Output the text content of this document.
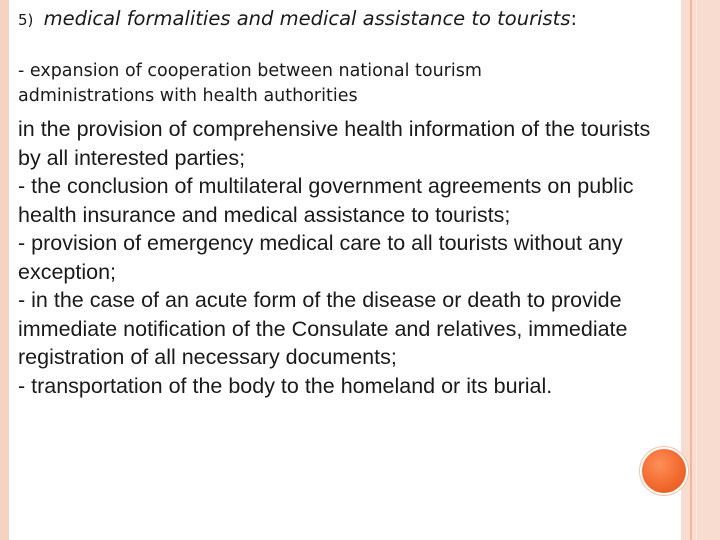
5) medical formalities and medical assistance to tourists:

- expansion of cooperation between national tourism administrations with health authorities

in the provision of comprehensive health information of the tourists by all interested parties;
- the conclusion of multilateral government agreements on public health insurance and medical assistance to tourists;
- provision of emergency medical care to all tourists without any exception;
- in the case of an acute form of the disease or death to provide immediate notification of the Consulate and relatives, immediate registration of all necessary documents;
- transportation of the body to the homeland or its burial.
